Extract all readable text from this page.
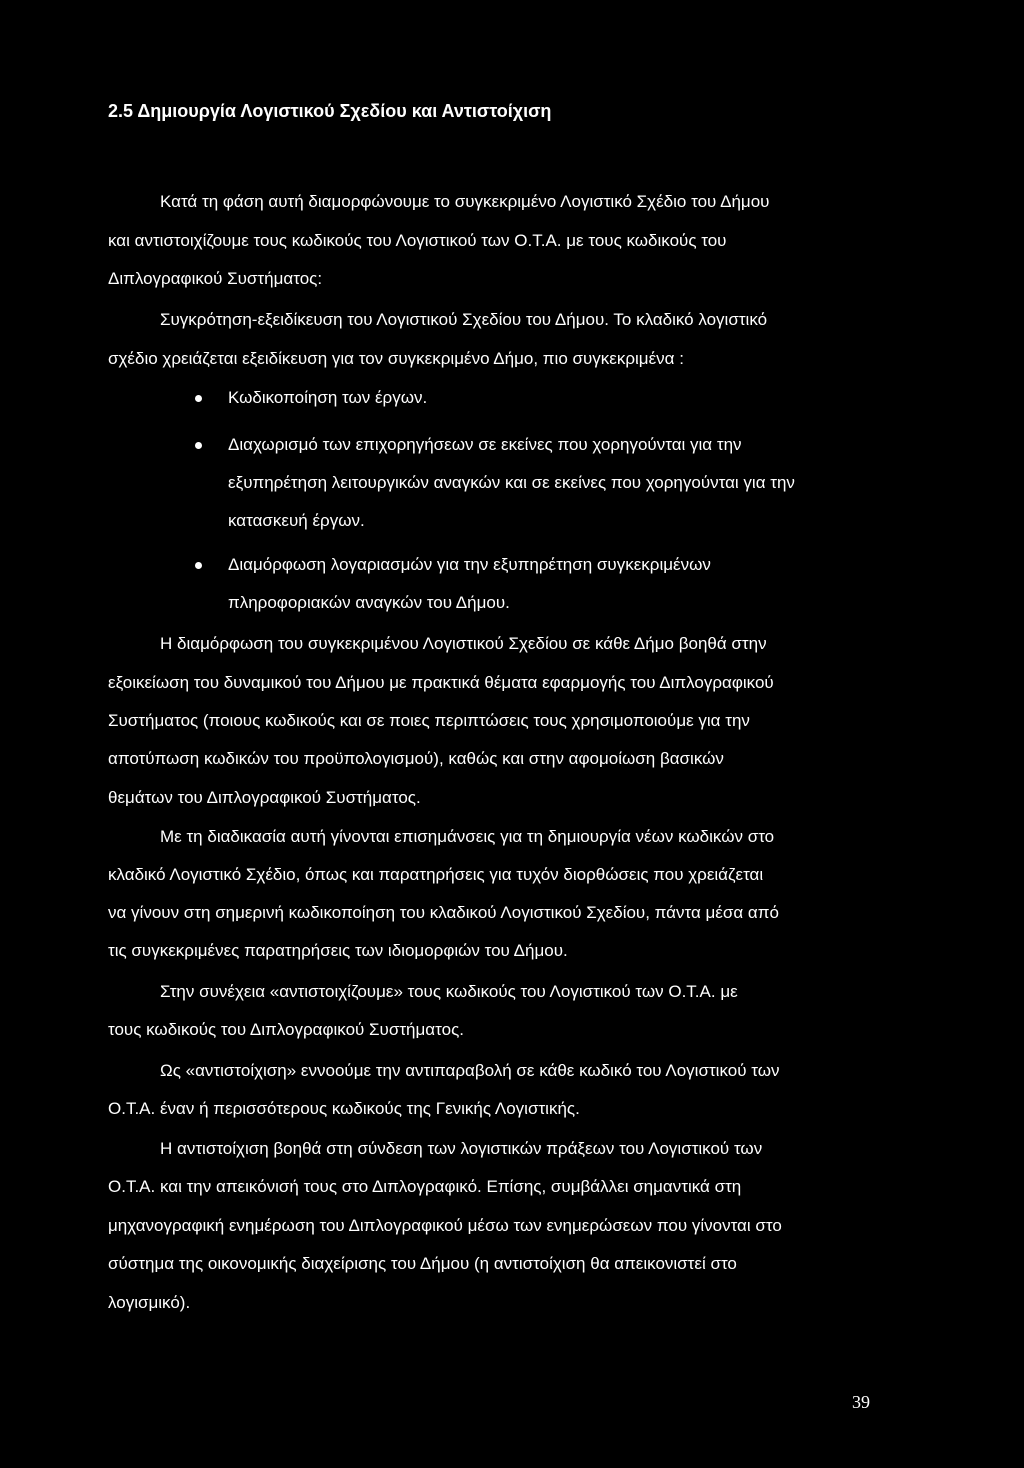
2.5 Δημιουργία Λογιστικού Σχεδίου και Αντιστοίχιση
Κατά τη φάση αυτή διαμορφώνουμε το συγκεκριμένο Λογιστικό Σχέδιο του Δήμου
και αντιστοιχίζουμε τους κωδικούς του Λογιστικού των Ο.Τ.Α. με τους κωδικούς του
Διπλογραφικού Συστήματος:
Συγκρότηση-εξειδίκευση του Λογιστικού Σχεδίου του Δήμου. Το κλαδικό λογιστικό
σχέδιο χρειάζεται εξειδίκευση για τον συγκεκριμένο Δήμο, πιο συγκεκριμένα :
Κωδικοποίηση των έργων.
Διαχωρισμό των επιχορηγήσεων σε εκείνες που χορηγούνται για την
εξυπηρέτηση λειτουργικών αναγκών και σε εκείνες που χορηγούνται για την
κατασκευή έργων.
Διαμόρφωση λογαριασμών για την εξυπηρέτηση συγκεκριμένων
πληροφοριακών αναγκών του Δήμου.
Η διαμόρφωση του συγκεκριμένου Λογιστικού Σχεδίου σε κάθε Δήμο βοηθά στην
εξοικείωση του δυναμικού του Δήμου με πρακτικά θέματα εφαρμογής του Διπλογραφικού
Συστήματος (ποιους κωδικούς και σε ποιες περιπτώσεις τους χρησιμοποιούμε για την
αποτύπωση κωδικών του προϋπολογισμού), καθώς και στην αφομοίωση βασικών
θεμάτων του Διπλογραφικού Συστήματος.
Με τη διαδικασία αυτή γίνονται επισημάνσεις για τη δημιουργία νέων κωδικών στο
κλαδικό Λογιστικό Σχέδιο, όπως και παρατηρήσεις για τυχόν διορθώσεις που χρειάζεται
να γίνουν στη σημερινή κωδικοποίηση του κλαδικού Λογιστικού Σχεδίου, πάντα μέσα από
τις συγκεκριμένες παρατηρήσεις των ιδιομορφιών του Δήμου.
Στην συνέχεια «αντιστοιχίζουμε» τους κωδικούς του Λογιστικού των Ο.Τ.Α. με
τους κωδικούς του Διπλογραφικού Συστήματος.
Ως «αντιστοίχιση» εννοούμε την αντιπαραβολή σε κάθε κωδικό του Λογιστικού των
Ο.Τ.Α. έναν ή περισσότερους κωδικούς της Γενικής Λογιστικής.
Η αντιστοίχιση βοηθά στη σύνδεση των λογιστικών πράξεων του Λογιστικού των
Ο.Τ.Α. και την απεικόνισή τους στο Διπλογραφικό. Επίσης, συμβάλλει σημαντικά στη
μηχανογραφική ενημέρωση του Διπλογραφικού μέσω των ενημερώσεων που γίνονται στο
σύστημα της οικονομικής διαχείρισης του Δήμου (η αντιστοίχιση θα απεικονιστεί στο
λογισμικό).
39
